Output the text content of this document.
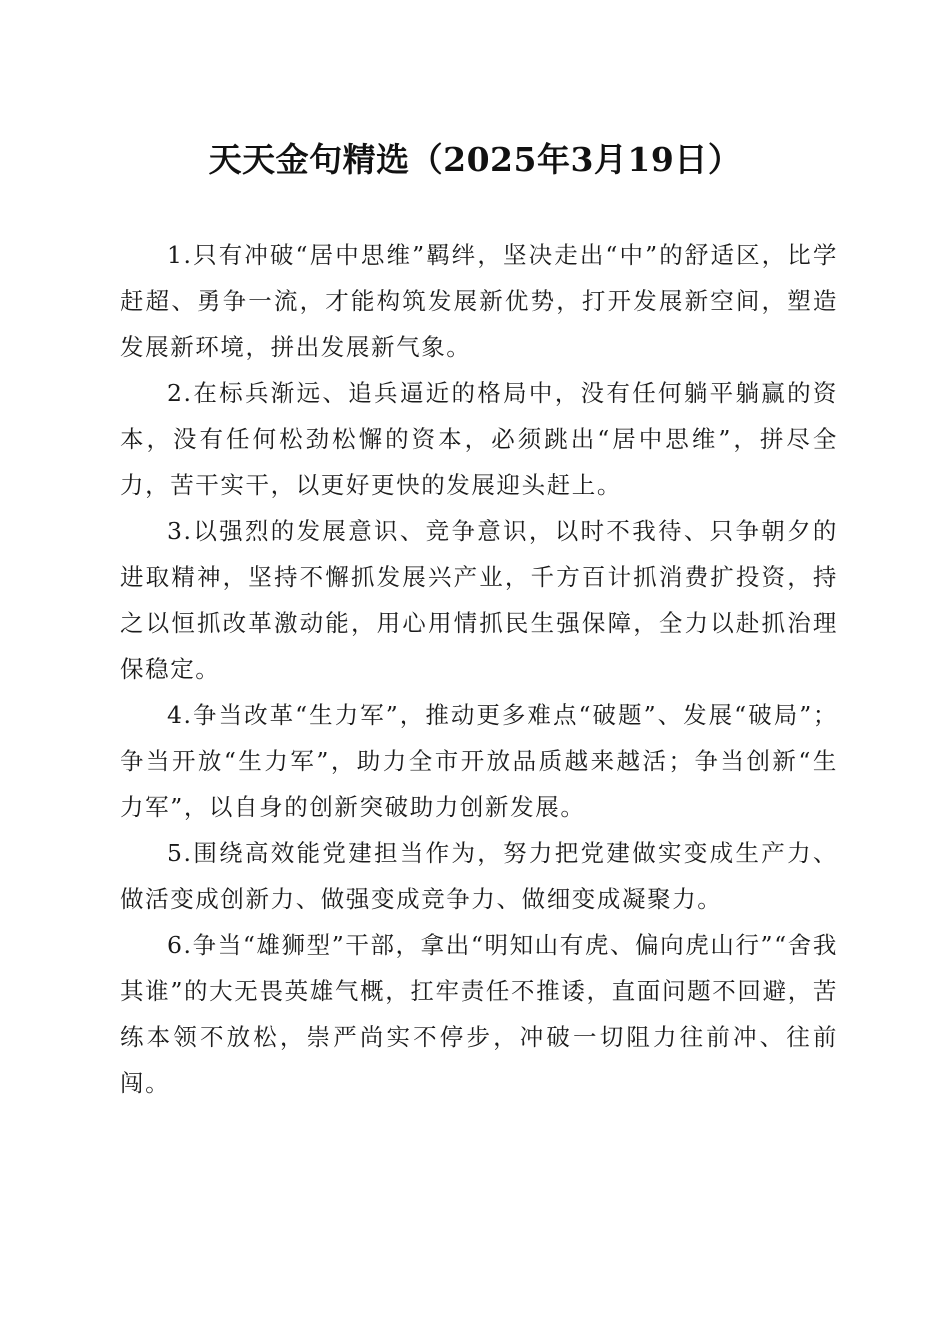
天天金句精选（2025年3月19日）

1.只有冲破“居中思维”羁绊，坚决走出“中”的舒适区，比学赶超、勇争一流，才能构筑发展新优势，打开发展新空间，塑造发展新环境，拼出发展新气象。

2.在标兵渐远、追兵逼近的格局中，没有任何躺平躺赢的资本，没有任何松劲松懈的资本，必须跳出“居中思维”，拼尽全力，苦干实干，以更好更快的发展迎头赶上。

3.以强烈的发展意识、竞争意识，以时不我待、只争朝夕的进取精神，坚持不懈抓发展兴产业，千方百计抓消费扩投资，持之以恒抓改革激动能，用心用情抓民生强保障，全力以赴抓治理保稳定。

4.争当改革“生力军”，推动更多难点“破题”、发展“破局”；争当开放“生力军”，助力全市开放品质越来越活；争当创新“生力军”，以自身的创新突破助力创新发展。

5.围绕高效能党建担当作为，努力把党建做实变成生产力、做活变成创新力、做强变成竞争力、做细变成凝聚力。

6.争当“雄狮型”干部，拿出“明知山有虎、偏向虎山行”“舍我其谁”的大无畏英雄气概，扛牢责任不推诿，直面问题不回避，苦练本领不放松，崇严尚实不停步，冲破一切阻力往前冲、往前闯。
